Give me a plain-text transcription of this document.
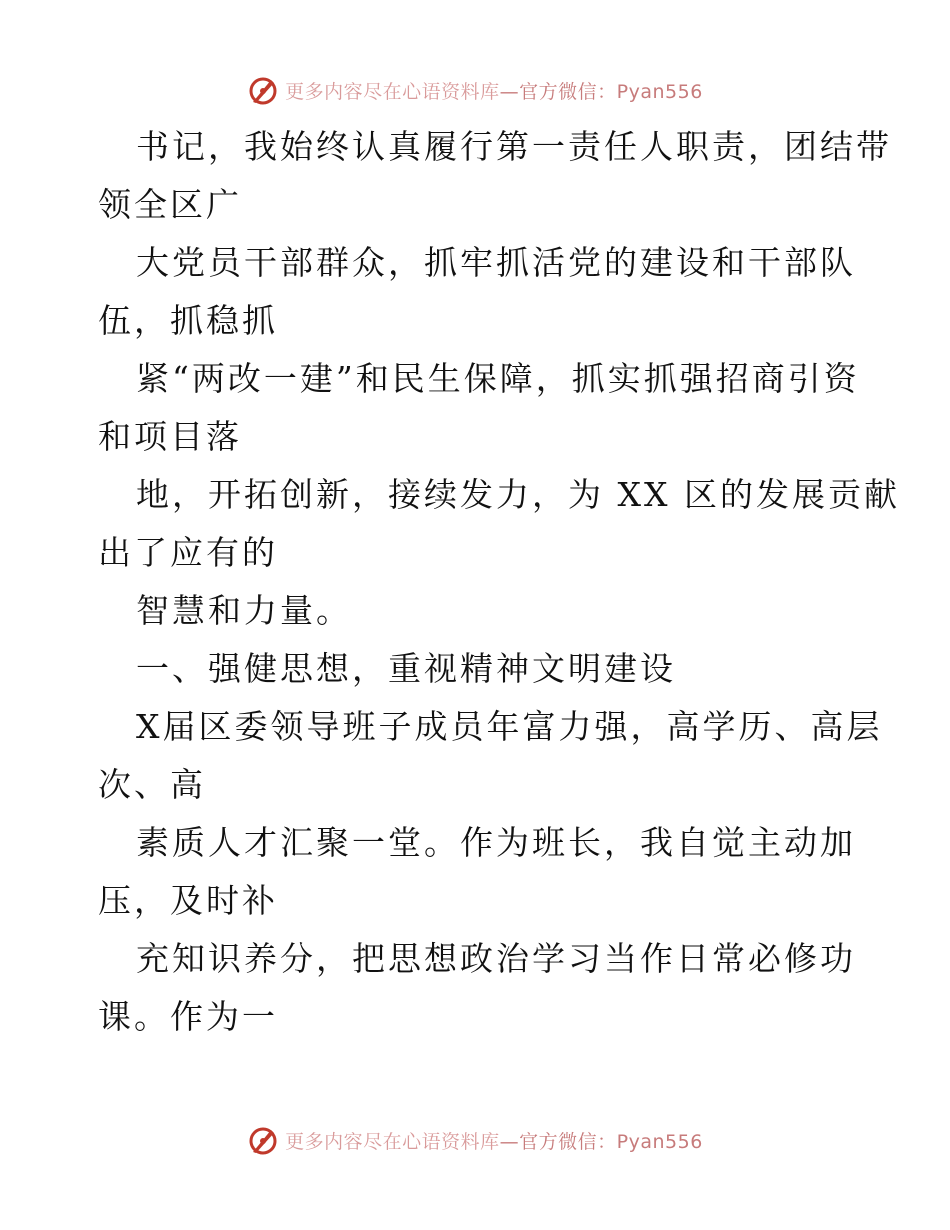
更多内容尽在心语资料库—官方微信：Pyan556
书记，我始终认真履行第一责任人职责，团结带
领全区广
大党员干部群众，抓牢抓活党的建设和干部队
伍，抓稳抓
紧“两改一建”和民生保障，抓实抓强招商引资
和项目落
地，开拓创新，接续发力，为 XX 区的发展贡献
出了应有的
智慧和力量。
一、强健思想，重视精神文明建设
X届区委领导班子成员年富力强，高学历、高层
次、高
素质人才汇聚一堂。作为班长，我自觉主动加
压，及时补
充知识养分，把思想政治学习当作日常必修功
课。作为一
更多内容尽在心语资料库—官方微信：Pyan556
